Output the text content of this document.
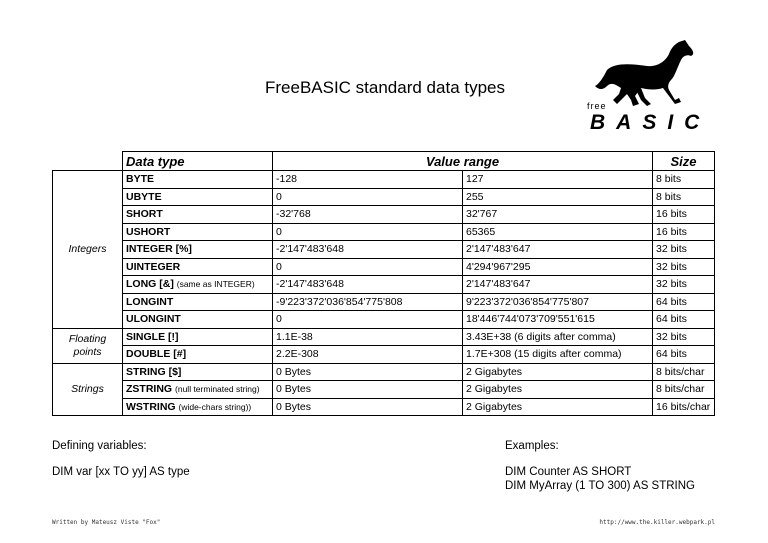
FreeBASIC standard data types
free
BASIC
	Data type	Value range		Size
Integers	BYTE	-128	127	8 bits
	UBYTE	0	255	8 bits
	SHORT	-32'768	32'767	16 bits
	USHORT	0	65365	16 bits
	INTEGER [%]	-2'147'483'648	2'147'483'647	32 bits
	UINTEGER	0	4'294'967'295	32 bits
	LONG [&] (same as INTEGER)	-2'147'483'648	2'147'483'647	32 bits
	LONGINT	-9'223'372'036'854'775'808	9'223'372'036'854'775'807	64 bits
	ULONGINT	0	18'446'744'073'709'551'615	64 bits
Floating points	SINGLE [!]	1.1E-38	3.43E+38 (6 digits after comma)	32 bits
	DOUBLE [#]	2.2E-308	1.7E+308 (15 digits after comma)	64 bits
Strings	STRING [$]	0 Bytes	2 Gigabytes	8 bits/char
	ZSTRING (null terminated string)	0 Bytes	2 Gigabytes	8 bits/char
	WSTRING (wide-chars string))	0 Bytes	2 Gigabytes	16 bits/char
Defining variables:
DIM var [xx TO yy] AS type
Examples:
DIM Counter AS SHORT
DIM MyArray (1 TO 300) AS STRING
Written by Mateusz Viste "Fox"	http://www.the.killer.webpark.pl
